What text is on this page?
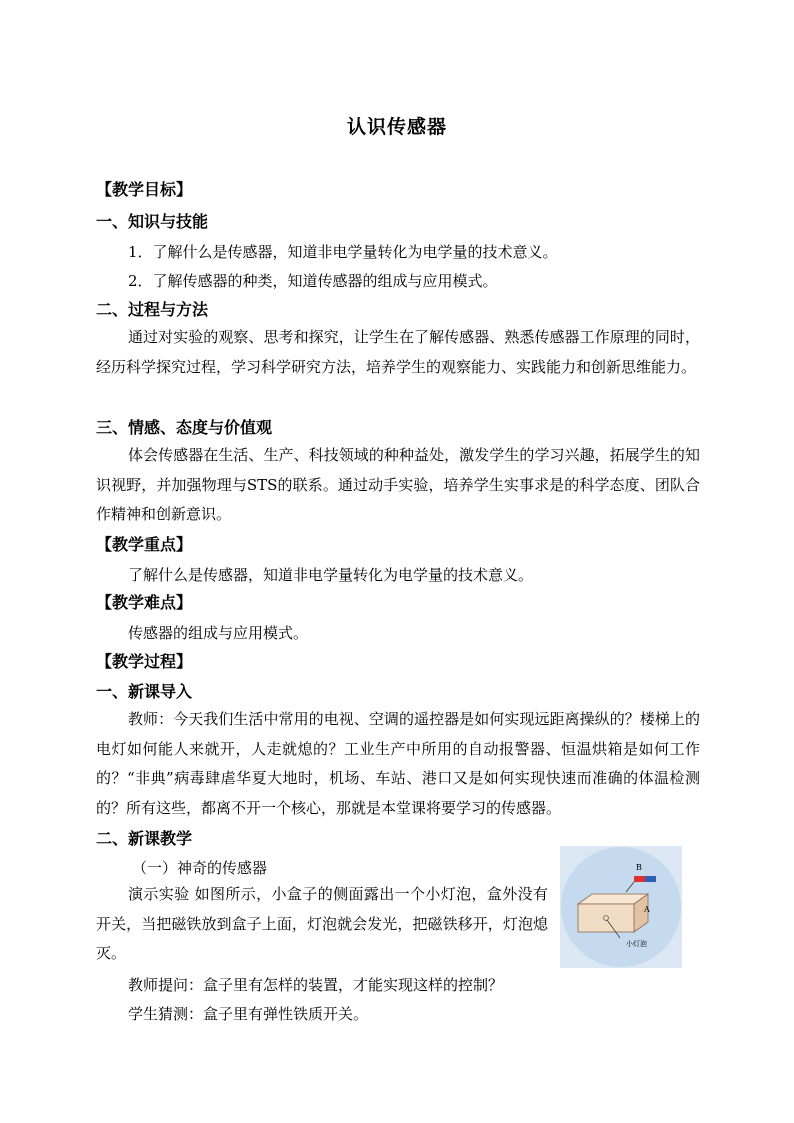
认识传感器
【教学目标】
一、知识与技能
1．了解什么是传感器，知道非电学量转化为电学量的技术意义。
2．了解传感器的种类，知道传感器的组成与应用模式。
二、过程与方法
通过对实验的观察、思考和探究，让学生在了解传感器、熟悉传感器工作原理的同时，经历科学探究过程，学习科学研究方法，培养学生的观察能力、实践能力和创新思维能力。
三、情感、态度与价值观
体会传感器在生活、生产、科技领域的种种益处，激发学生的学习兴趣，拓展学生的知识视野，并加强物理与STS的联系。通过动手实验，培养学生实事求是的科学态度、团队合作精神和创新意识。
【教学重点】
了解什么是传感器，知道非电学量转化为电学量的技术意义。
【教学难点】
传感器的组成与应用模式。
【教学过程】
一、新课导入
教师：今天我们生活中常用的电视、空调的遥控器是如何实现远距离操纵的？楼梯上的电灯如何能人来就开，人走就熄的？工业生产中所用的自动报警器、恒温烘箱是如何工作的？“非典”病毒肆虐华夏大地时，机场、车站、港口又是如何实现快速而准确的体温检测的？所有这些，都离不开一个核心，那就是本堂课将要学习的传感器。
二、新课教学
（一）神奇的传感器
演示实验 如图所示，小盒子的侧面露出一个小灯泡，盒外没有开关，当把磁铁放到盒子上面，灯泡就会发光，把磁铁移开，灯泡熄灭。
教师提问：盒子里有怎样的装置，才能实现这样的控制？
学生猜测：盒子里有弹性铁质开关。
B
A
小灯泡
